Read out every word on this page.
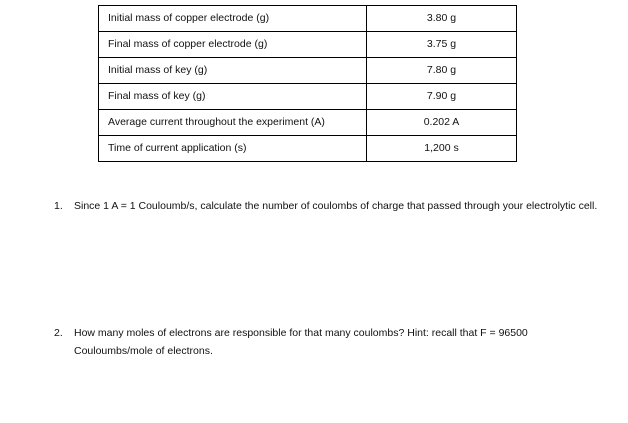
Initial mass of copper electrode (g)	3.80 g
Final mass of copper electrode (g)	3.75 g
Initial mass of key (g)	7.80 g
Final mass of key (g)	7.90 g
Average current throughout the experiment (A)	0.202 A
Time of current application (s)	1,200 s
1. Since 1 A = 1 Couloumb/s, calculate the number of coulombs of charge that passed through your electrolytic cell.
2. How many moles of electrons are responsible for that many coulombs? Hint: recall that F = 96500 Couloumbs/mole of electrons.
